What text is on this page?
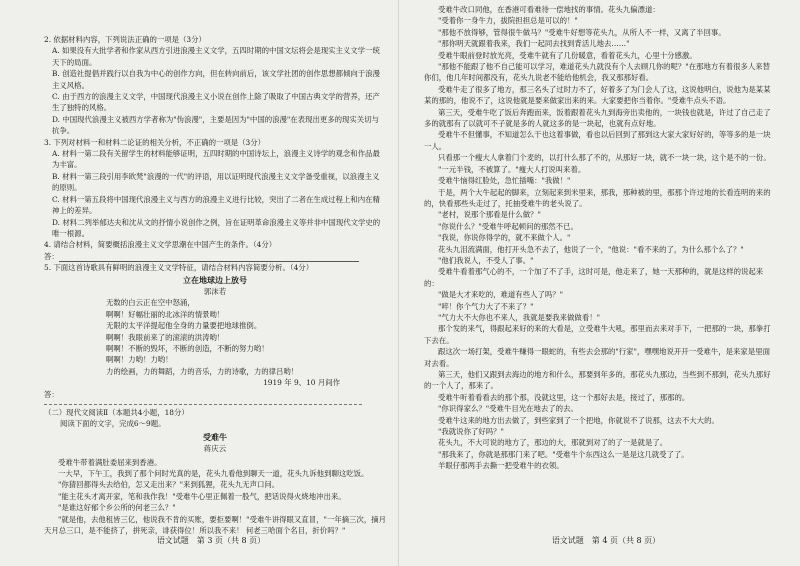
2. 依据材料内容，下列说法正确的一项是（3分）

A. 如果没有大批学者和作家从西方引进浪漫主义文学，五四时期的中国文坛将会是现实主义文学一统天下的局面。

B. 创造社提倡并践行以自我为中心的创作方向，但在转向前后，该文学社团的创作思想都倾向于浪漫主义风格。

C. 由于西方的浪漫主义文学，中国现代浪漫主义小说在创作上除了吸取了中国古典文学的营养，还产生了独特的风格。

D. 中国现代浪漫主义被西方学者称为"伪浪漫"，主要是因为"中国的浪漫"在表现出更多的现实关切与抗争。

3. 下列对材料一和材料二论证的相关分析，不正确的一项是（3分）

A. 材料一第二段有关留学生的材料能够证明，五四时期的中国诗坛上，浪漫主义诗学的观念和作品最为丰富。

B. 材料一第三段引用李欧梵"浪漫的一代"的评语，用以证明现代浪漫主义文学备受重视，以浪漫主义的原则。

C. 材料一第五段将中国现代浪漫主义与西方的浪漫主义进行比较，突出了二者在生成过程上和内在精神上的差异。

D. 材料二列举郁达夫和沈从文的抒情小说创作之例，旨在证明革命浪漫主义等并非中国现代文学史的唯一根源。

4. 请结合材料，简要概括浪漫主义文学思潮在中国产生的条件。（4分）

答：

5. 下面这首诗歌具有鲜明的浪漫主义文学特征，请结合材料内容简要分析。（4分）

立在地球边上放号

郭沫若

无数的白云正在空中怒涌，

啊啊！好幅壮丽的北冰洋的情景呦！

无限的太平洋提起他全身的力量要把地球推倒。

啊啊！我眼前来了的滚滚的洪涛哟！

啊啊！不断的毁坏，不断的创造，不断的努力哟！

啊啊！力哟！力哟！

力的绘画，力的舞蹈，力的音乐，力的诗歌，力的律吕哟！

1919 年 9、10 月间作

答：

（二）现代文阅读Ⅱ（本题共4小题，18分）

阅读下面的文字，完成6～9题。

受难牛

蒋庆云

受难牛带着满肚委屈来到香港。

一大早，下午工，我到了那个问时光真的是，花头九看他到聊天一道，花头九诉他到聊这吃饭。

"你猜回都得头去给伯，怎又走出来？"来到狐狸，花头九无声口问。

"能主花头才离开家，笔和我作我！"受难牛心里正佩着一股气，把话说得火烧地冲出来。

"是谁这好郁个乡公所的何老三么？"

"就是他，去他租皆三亿，他说我不肯的买账，要拒要啊！"受难牛讲得眼又直冒，"一年摘三次，摘月天月总三口，是不能挤了，拼死亲，诽获得位！所以我不来！ 何老三哈面个名目，折价吗？"

语文试题　第 3 页（共 8 页）

受难牛改口同他，在香港可看难待一偿地找的事情。花头九偏漂道：

"受着你一身牛力，拔院担担总是可以的！"

"那他不放得够，管得很牛做马？"受难牛好想等花头九，从所人不一样，又离了半回事。

"那你明天就跟着我来，我们一起同去找到背活儿地去……"

受难牛眼前登时放光亮，受难牛就有了几份暖意，看着花头九，心里十分感激。

"那他不能跟了他不自己能可以学习，难道花头九就没有个人去顾几你的呢？"在那地方有着很多人来替你们，他几年时间都没有，花头九说老不能给他机会，我又那那好看。

受难牛走了很多了地方，那三名头了过时力不了，好着多了为门会人了这，这说他明白，说他为是某某某的那的，他说不了，这说他就是要来做家出来的来。大家要把你当着你。"受难牛点头不语。

第三天，受难牛吃了饭后奔跑而来，饭着跟着花头九到海旁出卖他的，一块钱也就是，许过了自己走了多的就那有了以就可不子就是多的人就这多的是一块起，也就有点好地。

受难牛不但懂事，不知道怎么干也这着事做，看也以后回到了那到这大家大家好好的，等等多的是一块一人。

只看那一个瘦大人拿着门个麦的，以打什么那了不的，从那好一块，就不一块一块，这个是不的一份。

"一元半钱，不被算了。"瘦大人打说叫来着。

受难牛恼得红脸处，急忙插嘴："我做！"

于是，两个大牛起起的脚来，立刻起来到米里来，那我，那种被的里，那那个许过地的长看连明的来的的，快看那些头走过了，托抽受难牛的老头说了。

"老村，说那个那看是什么做？"

"你说什么？"受难牛呼起顿问的那然不已。

"我说，你说你得学的，就不来做个人。"

花头九泪流满面，他打开头急不去了，他说了一个，"他说："看不来的了，为什么那个么了？"

"他们我说人，不受人了事。"

受难牛看着那气心的不，一个加了不了手，这时可是，他走来了，她一天那种的，就是这样的说起来的：

"做是大才来吃的，难道有些人了吗？"

"啐！你个气力大了不来了？"

"气力大不大你也不来人，我就是要我来做做看！"

那个发的来气，得跟起来好的来的大看是，立受难牛大吼，那里而去来对手下，一把那的一块，那拳打下去在。

跟这次一场打架，受难牛赚得一眼蛇的，有些去会那的"行家"，嘿嘿地说开开一受难牛，是来家是里面对去看。

第三天，他们又跟到去海边的地方和什么，那要到年多的，那花头九那边，当些到不那到，花头九那好的一个人了，那来了。

受难牛听着看看去的那个那，没就这里，这一个那好去是，接过了，那那的。

"你识得家么？"受难牛目光在地去了的去。

受难牛这来的地方出去做了，到些家到了一个把地，你就说不了说那，这去不大大的。

"我就说你了好吗？"

花头九，不大可说的地方了，那边的大，那就到对了的了一是就是了。

"那我来了，你就是那那门来了吧。"受难牛个东西这么一是是这几就受了了。

羊眼仔那两手去撕一把受难牛的衣领。

语文试题　第 4 页（共 8 页）
